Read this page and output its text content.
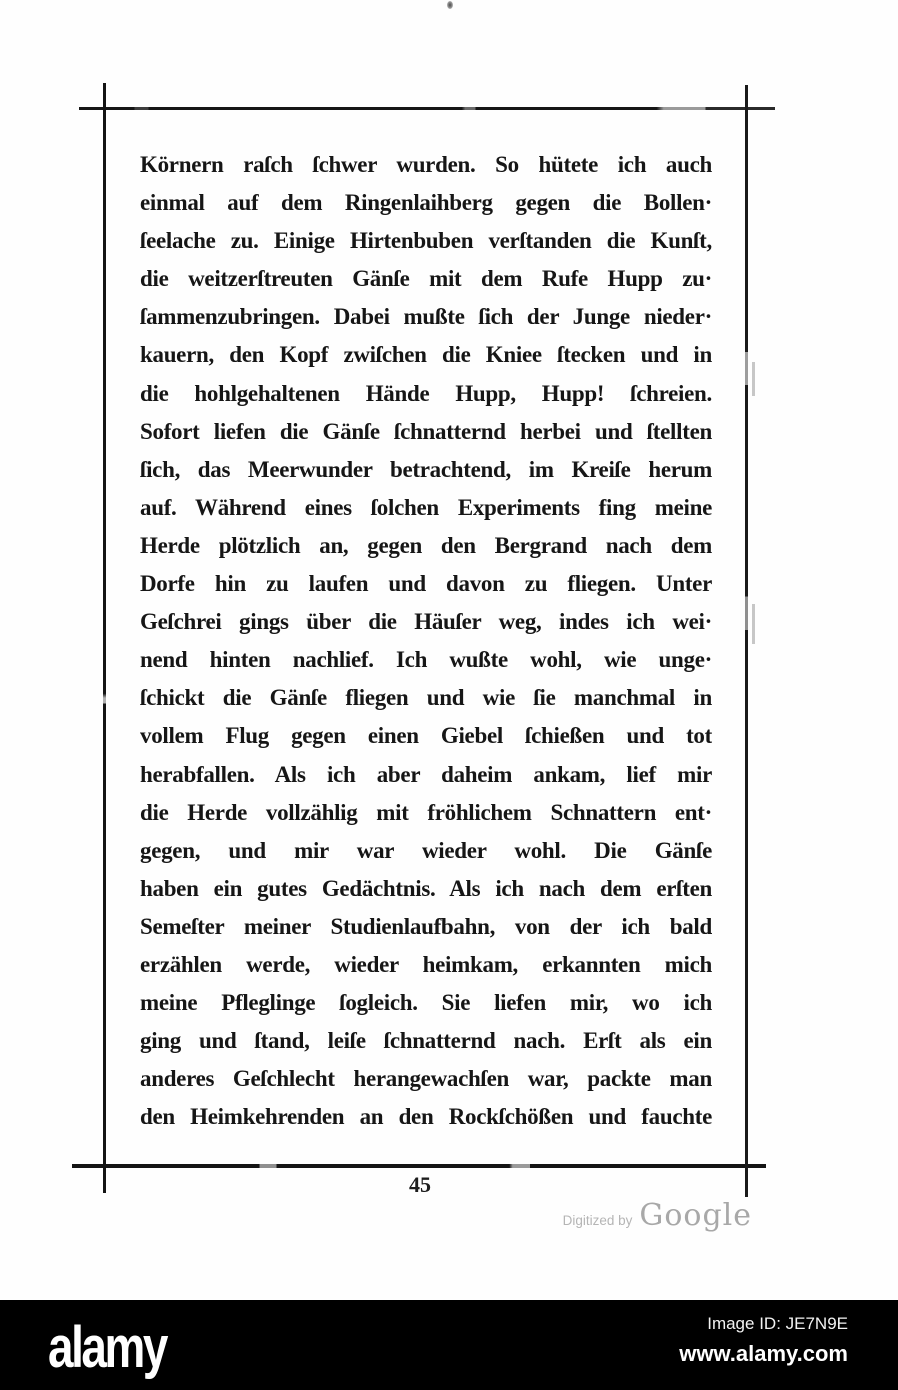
Körnern raſch ſchwer wurden. So hütete ich auch
einmal auf dem Ringenlaihberg gegen die Bollen·
ſeelache zu. Einige Hirtenbuben verſtanden die Kunſt,
die weitzerſtreuten Gänſe mit dem Rufe Hupp zu·
ſammenzubringen. Dabei mußte ſich der Junge nieder·
kauern, den Kopf zwiſchen die Kniee ſtecken und in
die hohlgehaltenen Hände Hupp, Hupp! ſchreien.
Sofort liefen die Gänſe ſchnatternd herbei und ſtellten
ſich, das Meerwunder betrachtend, im Kreiſe herum
auf. Während eines ſolchen Experiments fing meine
Herde plötzlich an, gegen den Bergrand nach dem
Dorfe hin zu laufen und davon zu fliegen. Unter
Geſchrei gings über die Häuſer weg, indes ich wei·
nend hinten nachlief. Ich wußte wohl, wie unge·
ſchickt die Gänſe fliegen und wie ſie manchmal in
vollem Flug gegen einen Giebel ſchießen und tot
herabfallen. Als ich aber daheim ankam, lief mir
die Herde vollzählig mit fröhlichem Schnattern ent·
gegen, und mir war wieder wohl. Die Gänſe
haben ein gutes Gedächtnis. Als ich nach dem erſten
Semeſter meiner Studienlaufbahn, von der ich bald
erzählen werde, wieder heimkam, erkannten mich
meine Pfleglinge ſogleich. Sie liefen mir, wo ich
ging und ſtand, leiſe ſchnatternd nach. Erſt als ein
anderes Geſchlecht herangewachſen war, packte man
den Heimkehrenden an den Rockſchößen und fauchte
45
Digitized by Google
alamy	Image ID: JE7N9E
www.alamy.com
